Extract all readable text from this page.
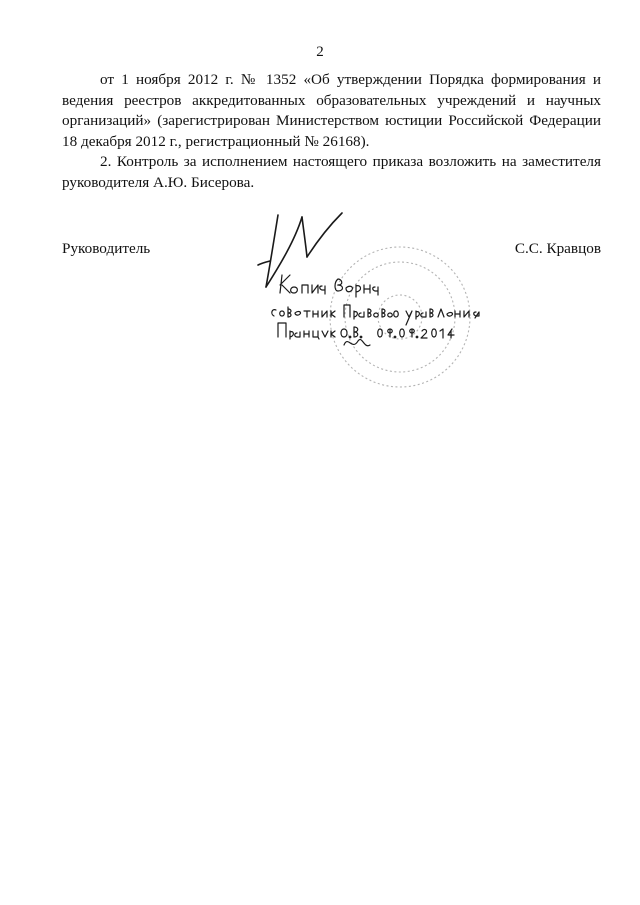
2

от 1 ноября 2012 г. № 1352 «Об утверждении Порядка формирования и ведения реестров аккредитованных образовательных учреждений и научных организаций» (зарегистрирован Министерством юстиции Российской Федерации 18 декабря 2012 г., регистрационный № 26168).

2. Контроль за исполнением настоящего приказа возложить на заместителя руководителя А.Ю. Бисерова.

Руководитель	С.С. Кравцов
